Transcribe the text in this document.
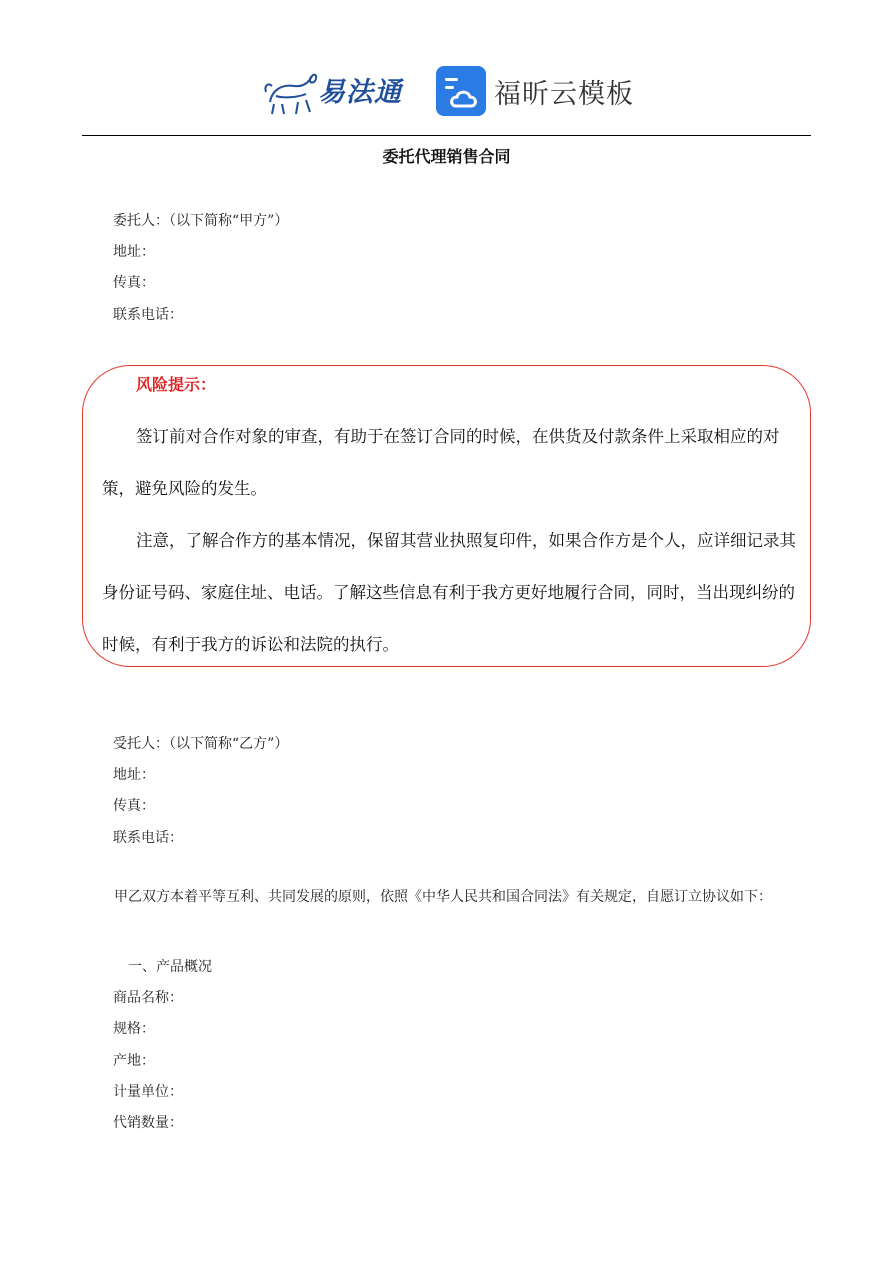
易法通	福昕云模板
委托代理销售合同
委托人：（以下简称“甲方”）
地址：
传真：
联系电话：
风险提示：
签订前对合作对象的审查，有助于在签订合同的时候，在供货及付款条件上采取相应的对策，避免风险的发生。
注意，了解合作方的基本情况，保留其营业执照复印件，如果合作方是个人，应详细记录其身份证号码、家庭住址、电话。了解这些信息有利于我方更好地履行合同，同时，当出现纠纷的时候，有利于我方的诉讼和法院的执行。
受托人：（以下简称“乙方”）
地址：
传真：
联系电话：
甲乙双方本着平等互利、共同发展的原则，依照《中华人民共和国合同法》有关规定，自愿订立协议如下：
一、产品概况
商品名称：
规格：
产地：
计量单位：
代销数量：
